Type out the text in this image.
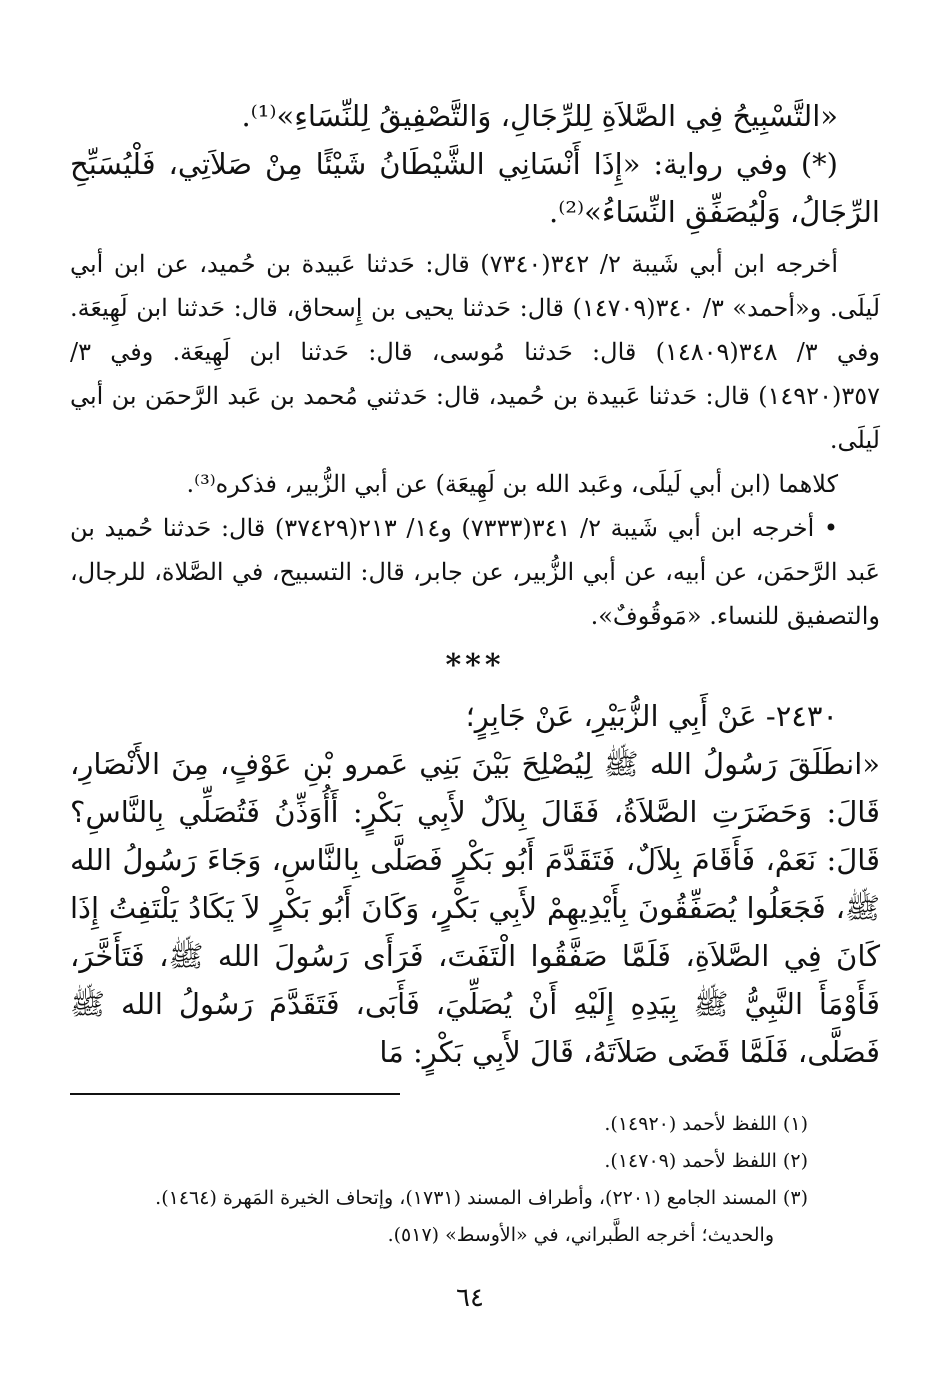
«التَّسْبِيحُ فِي الصَّلاَةِ لِلرِّجَالِ، وَالتَّصْفِيقُ لِلنِّسَاءِ»⁽¹⁾.

(*) وفي رواية: «إِذَا أَنْسَانِي الشَّيْطَانُ شَيْئًا مِنْ صَلاَتِي، فَلْيُسَبِّحِ الرِّجَالُ، وَلْيُصَفِّقِ النِّسَاءُ»⁽²⁾.

أخرجه ابن أبي شَيبة ٢/ ٣٤٢(٧٣٤٠) قال: حَدثنا عَبيدة بن حُميد، عن ابن أبي لَيلَى. و«أحمد» ٣/ ٣٤٠(١٤٧٠٩) قال: حَدثنا يحيى بن إِسحاق، قال: حَدثنا ابن لَهِيعَة. وفي ٣/ ٣٤٨(١٤٨٠٩) قال: حَدثنا مُوسى، قال: حَدثنا ابن لَهِيعَة. وفي ٣/ ٣٥٧(١٤٩٢٠) قال: حَدثنا عَبيدة بن حُميد، قال: حَدثني مُحمد بن عَبد الرَّحمَن بن أبي لَيلَى.

كلاهما (ابن أبي لَيلَى، وعَبد الله بن لَهِيعَة) عن أبي الزُّبير، فذكره⁽³⁾.

• أخرجه ابن أبي شَيبة ٢/ ٣٤١(٧٣٣٣) و١٤/ ٢١٣(٣٧٤٢٩) قال: حَدثنا حُميد بن عَبد الرَّحمَن، عن أبيه، عن أبي الزُّبير، عن جابر، قال: التسبيح، في الصَّلاة، للرجال، والتصفيق للنساء. «مَوقُوفٌ».

***

٢٤٣٠- عَنْ أَبِي الزُّبَيْرِ، عَنْ جَابِرٍ؛

«انطَلَقَ رَسُولُ الله ﷺ لِيُصْلِحَ بَيْنَ بَنِي عَمرو بْنِ عَوْفٍ، مِنَ الأَنْصَارِ، قَالَ: وَحَضَرَتِ الصَّلاَةُ، فَقَالَ بِلاَلٌ لأَبِي بَكْرٍ: أَأُوَذِّنُ فَتُصَلِّي بِالنَّاسِ؟ قَالَ: نَعَمْ، فَأَقَامَ بِلاَلٌ، فَتَقَدَّمَ أَبُو بَكْرٍ فَصَلَّى بِالنَّاسِ، وَجَاءَ رَسُولُ الله ﷺ، فَجَعَلُوا يُصَفِّقُونَ بِأَيْدِيهِمْ لأَبِي بَكْرٍ، وَكَانَ أَبُو بَكْرٍ لاَ يَكَادُ يَلْتَفِتُ إِذَا كَانَ فِي الصَّلاَةِ، فَلَمَّا صَفَّقُوا الْتَفَتَ، فَرَأَى رَسُولَ الله ﷺ، فَتَأَخَّرَ، فَأَوْمَأَ النَّبِيُّ ﷺ بِيَدِهِ إِلَيْهِ أَنْ يُصَلِّيَ، فَأَبَى، فَتَقَدَّمَ رَسُولُ الله ﷺ فَصَلَّى، فَلَمَّا قَضَى صَلاَتَهُ، قَالَ لأَبِي بَكْرٍ: مَا

(١) اللفظ لأحمد (١٤٩٢٠).

(٢) اللفظ لأحمد (١٤٧٠٩).

(٣) المسند الجامع (٢٢٠١)، وأطراف المسند (١٧٣١)، وإتحاف الخيرة المَهرة (١٤٦٤).

والحديث؛ أخرجه الطَّبراني، في «الأوسط» (٥١٧).

٦٤
